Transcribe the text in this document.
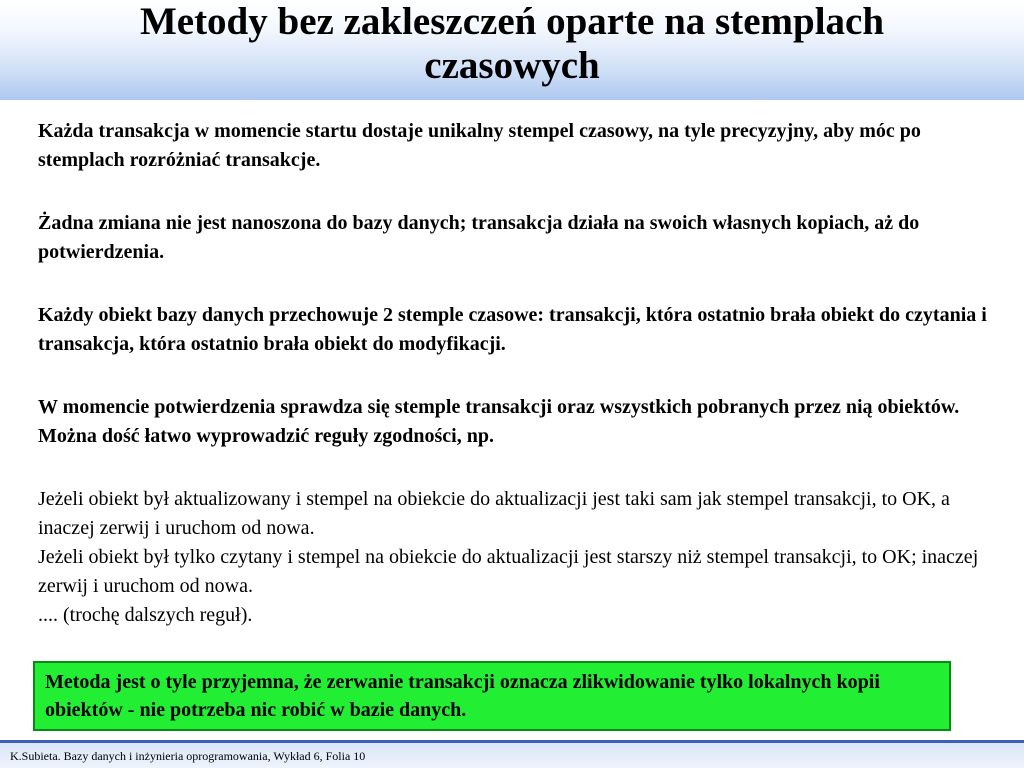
Metody bez zakleszczeń oparte na stemplach
czasowych

Każda transakcja w momencie startu dostaje unikalny stempel czasowy, na tyle precyzyjny, aby móc po stemplach rozróżniać transakcje.

Żadna zmiana nie jest nanoszona do bazy danych; transakcja działa na swoich własnych kopiach, aż do potwierdzenia.

Każdy obiekt bazy danych przechowuje 2 stemple czasowe: transakcji, która ostatnio brała obiekt do czytania i transakcja, która ostatnio brała obiekt do modyfikacji.

W momencie potwierdzenia sprawdza się stemple transakcji oraz wszystkich pobranych przez nią obiektów. Można dość łatwo wyprowadzić reguły zgodności, np.

Jeżeli obiekt był aktualizowany i stempel na obiekcie do aktualizacji jest taki sam jak stempel transakcji, to OK, a inaczej zerwij i uruchom od nowa.

Jeżeli obiekt był tylko czytany i stempel na obiekcie do aktualizacji jest starszy niż stempel transakcji, to OK; inaczej zerwij i uruchom od nowa.

.... (trochę dalszych reguł).

Metoda jest o tyle przyjemna, że zerwanie transakcji oznacza zlikwidowanie tylko lokalnych kopii obiektów - nie potrzeba nic robić w bazie danych.
K.Subieta. Bazy danych i inżynieria oprogramowania, Wykład 6, Folia 10
